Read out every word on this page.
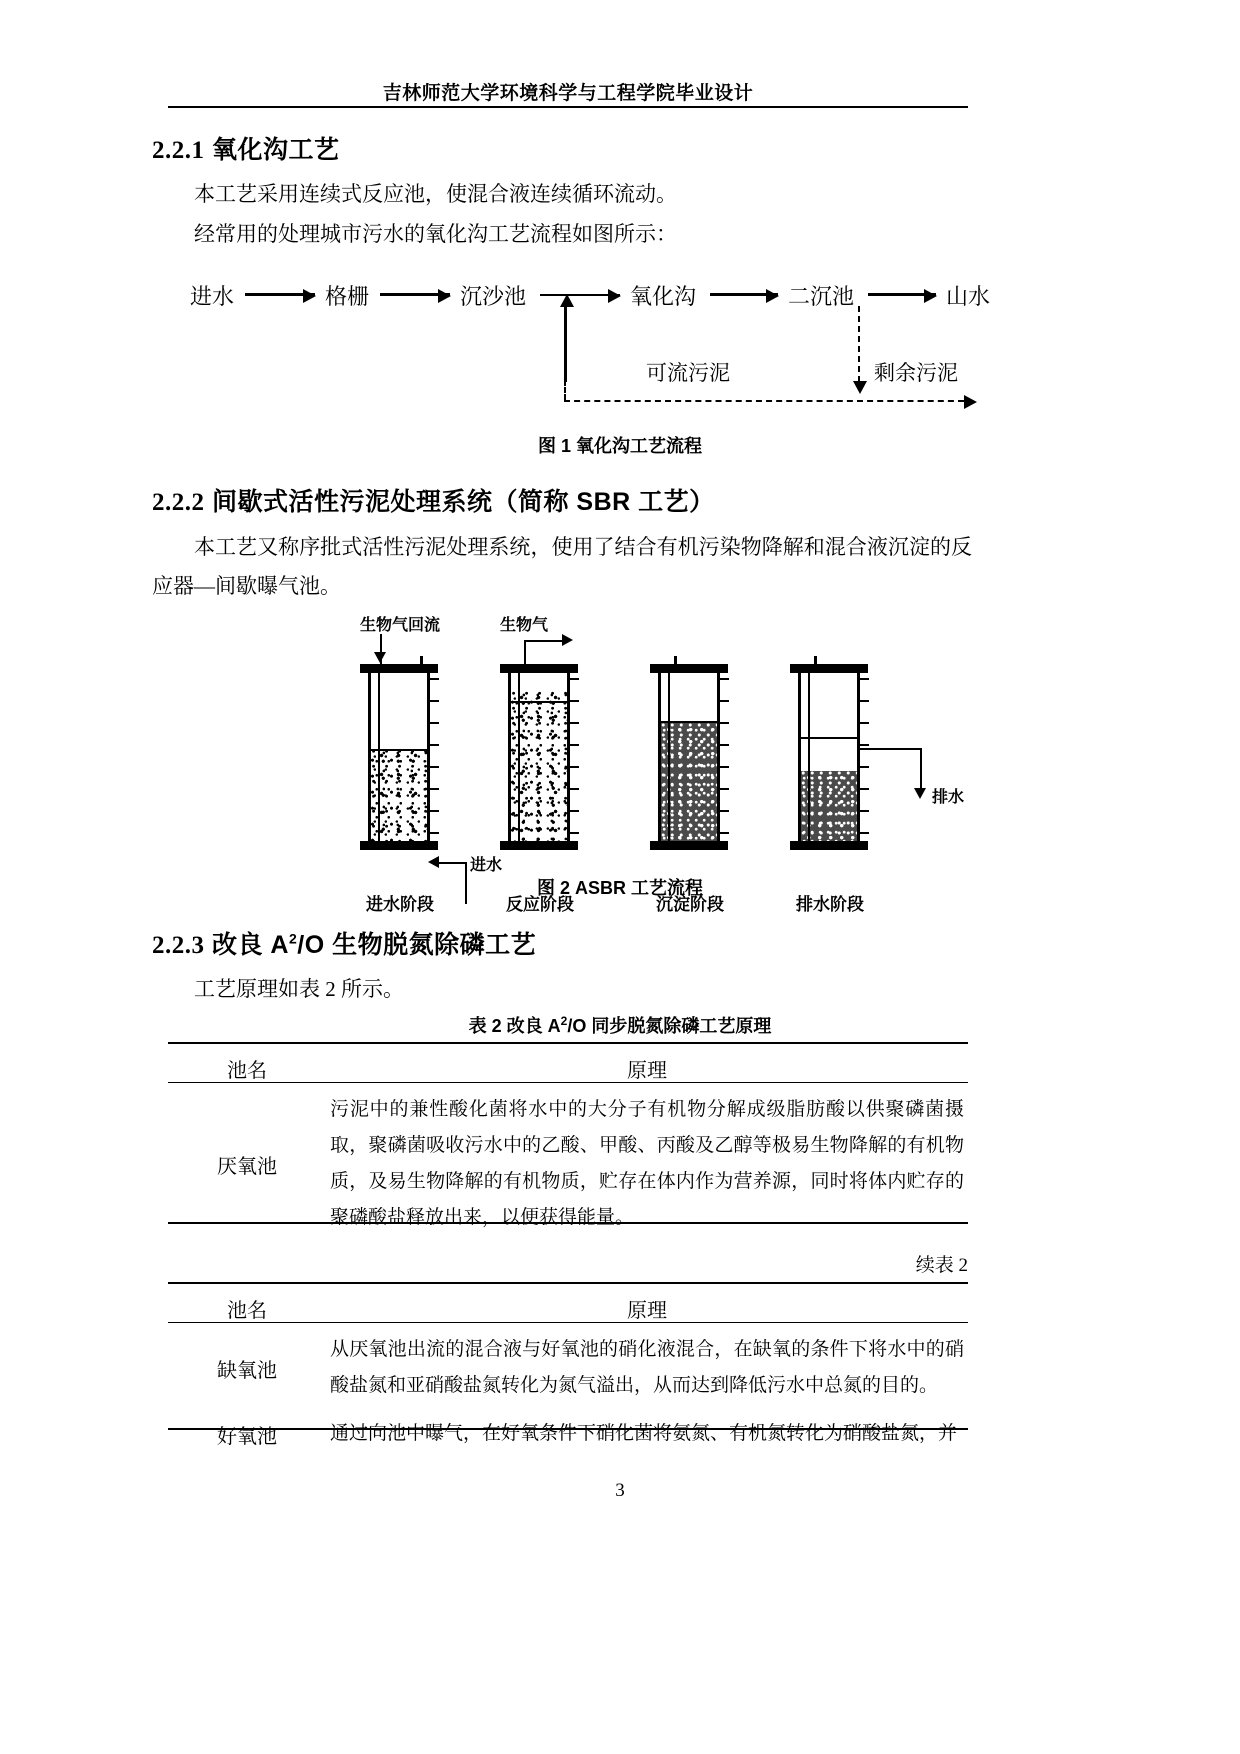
吉林师范大学环境科学与工程学院毕业设计
2.2.1 氧化沟工艺
本工艺采用连续式反应池，使混合液连续循环流动。
经常用的处理城市污水的氧化沟工艺流程如图所示：
进水	格栅	沉沙池	氧化沟	二沉池	山水
可流污泥	剩余污泥
图 1 氧化沟工艺流程
2.2.2 间歇式活性污泥处理系统（简称 SBR 工艺）
本工艺又称序批式活性污泥处理系统，使用了结合有机污染物降解和混合液沉淀的反应器—间歇曝气池。
生物气回流	生物气
进水
排水
进水阶段	反应阶段	沉淀阶段	排水阶段
图 2 ASBR 工艺流程
2.2.3 改良 $A^2/O$ 生物脱氮除磷工艺
工艺原理如表 2 所示。
表 2 改良 $A^2/O$ 同步脱氮除磷工艺原理
池名	原理
厌氧池	污泥中的兼性酸化菌将水中的大分子有机物分解成级脂肪酸以供聚磷菌摄取，聚磷菌吸收污水中的乙酸、甲酸、丙酸及乙醇等极易生物降解的有机物质，及易生物降解的有机物质，贮存在体内作为营养源，同时将体内贮存的聚磷酸盐释放出来，以便获得能量。
续表 2
池名	原理
缺氧池	从厌氧池出流的混合液与好氧池的硝化液混合，在缺氧的条件下将水中的硝酸盐氮和亚硝酸盐氮转化为氮气溢出，从而达到降低污水中总氮的目的。
好氧池	通过向池中曝气，在好氧条件下硝化菌将氨氮、有机氮转化为硝酸盐氮，并
3
